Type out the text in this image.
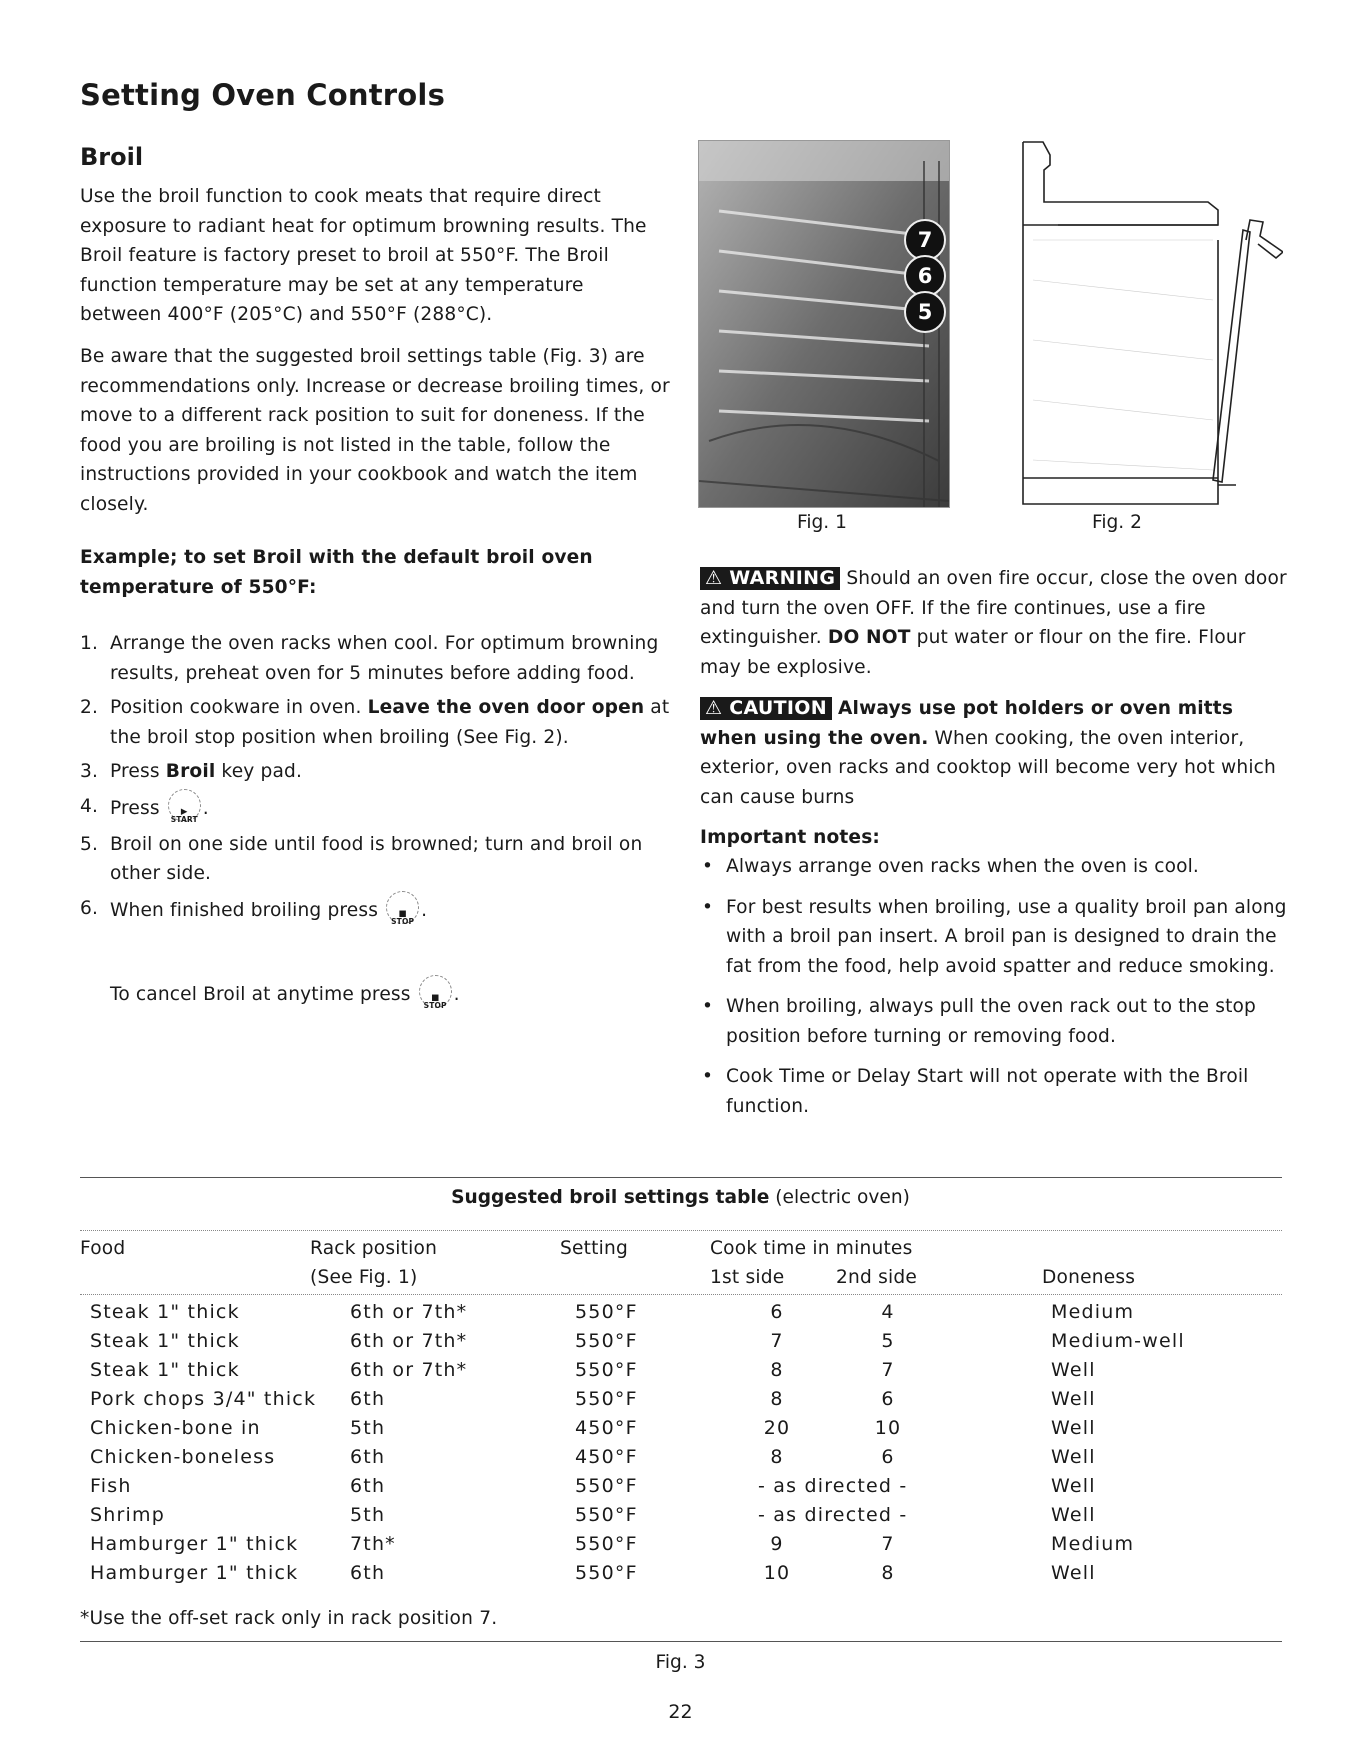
Setting Oven Controls
Broil
Use the broil function to cook meats that require direct exposure to radiant heat for optimum browning results. The Broil feature is factory preset to broil at 550°F. The Broil function temperature may be set at any temperature between 400°F (205°C) and 550°F (288°C).
Be aware that the suggested broil settings table (Fig. 3) are recommendations only. Increase or decrease broiling times, or move to a different rack position to suit for doneness. If the food you are broiling is not listed in the table, follow the instructions provided in your cookbook and watch the item closely.
Example; to set Broil with the default broil oven temperature of 550°F:
1. Arrange the oven racks when cool. For optimum browning results, preheat oven for 5 minutes before adding food.
2. Position cookware in oven. Leave the oven door open at the broil stop position when broiling (See Fig. 2).
3. Press Broil key pad.
4. Press	▶
START
.
5. Broil on one side until food is browned; turn and broil on other side.
6. When finished broiling press	■
STOP
.
To cancel Broil at anytime press	■
STOP
.
7
6
5
Fig. 1	Fig. 2
⚠ WARNING Should an oven fire occur, close the oven door and turn the oven OFF. If the fire continues, use a fire extinguisher. DO NOT put water or flour on the fire. Flour may be explosive.
⚠ CAUTION Always use pot holders or oven mitts when using the oven. When cooking, the oven interior, exterior, oven racks and cooktop will become very hot which can cause burns
Important notes:
• Always arrange oven racks when the oven is cool.
• For best results when broiling, use a quality broil pan along with a broil pan insert. A broil pan is designed to drain the fat from the food, help avoid spatter and reduce smoking.
• When broiling, always pull the oven rack out to the stop position before turning or removing food.
• Cook Time or Delay Start will not operate with the Broil function.
Suggested broil settings table (electric oven)
Food	Rack position
(See Fig. 1)
Setting	Cook time in minutes
1st side	2nd side	Doneness
Steak 1" thick	6th or 7th*	550°F	6	4	Medium
Steak 1" thick	6th or 7th*	550°F	7	5	Medium-well
Steak 1" thick	6th or 7th*	550°F	8	7	Well
Pork chops 3/4" thick 6th	550°F	8	6	Well
Chicken-bone in	5th	450°F	20	10	Well
Chicken-boneless	6th	450°F	8	6	Well
Fish	6th	550°F	- as directed -	Well
Shrimp	5th	550°F	- as directed -	Well
Hamburger 1" thick	7th*	550°F	9	7	Medium
Hamburger 1" thick	6th	550°F	10	8	Well
*Use the off-set rack only in rack position 7.
Fig. 3
22
